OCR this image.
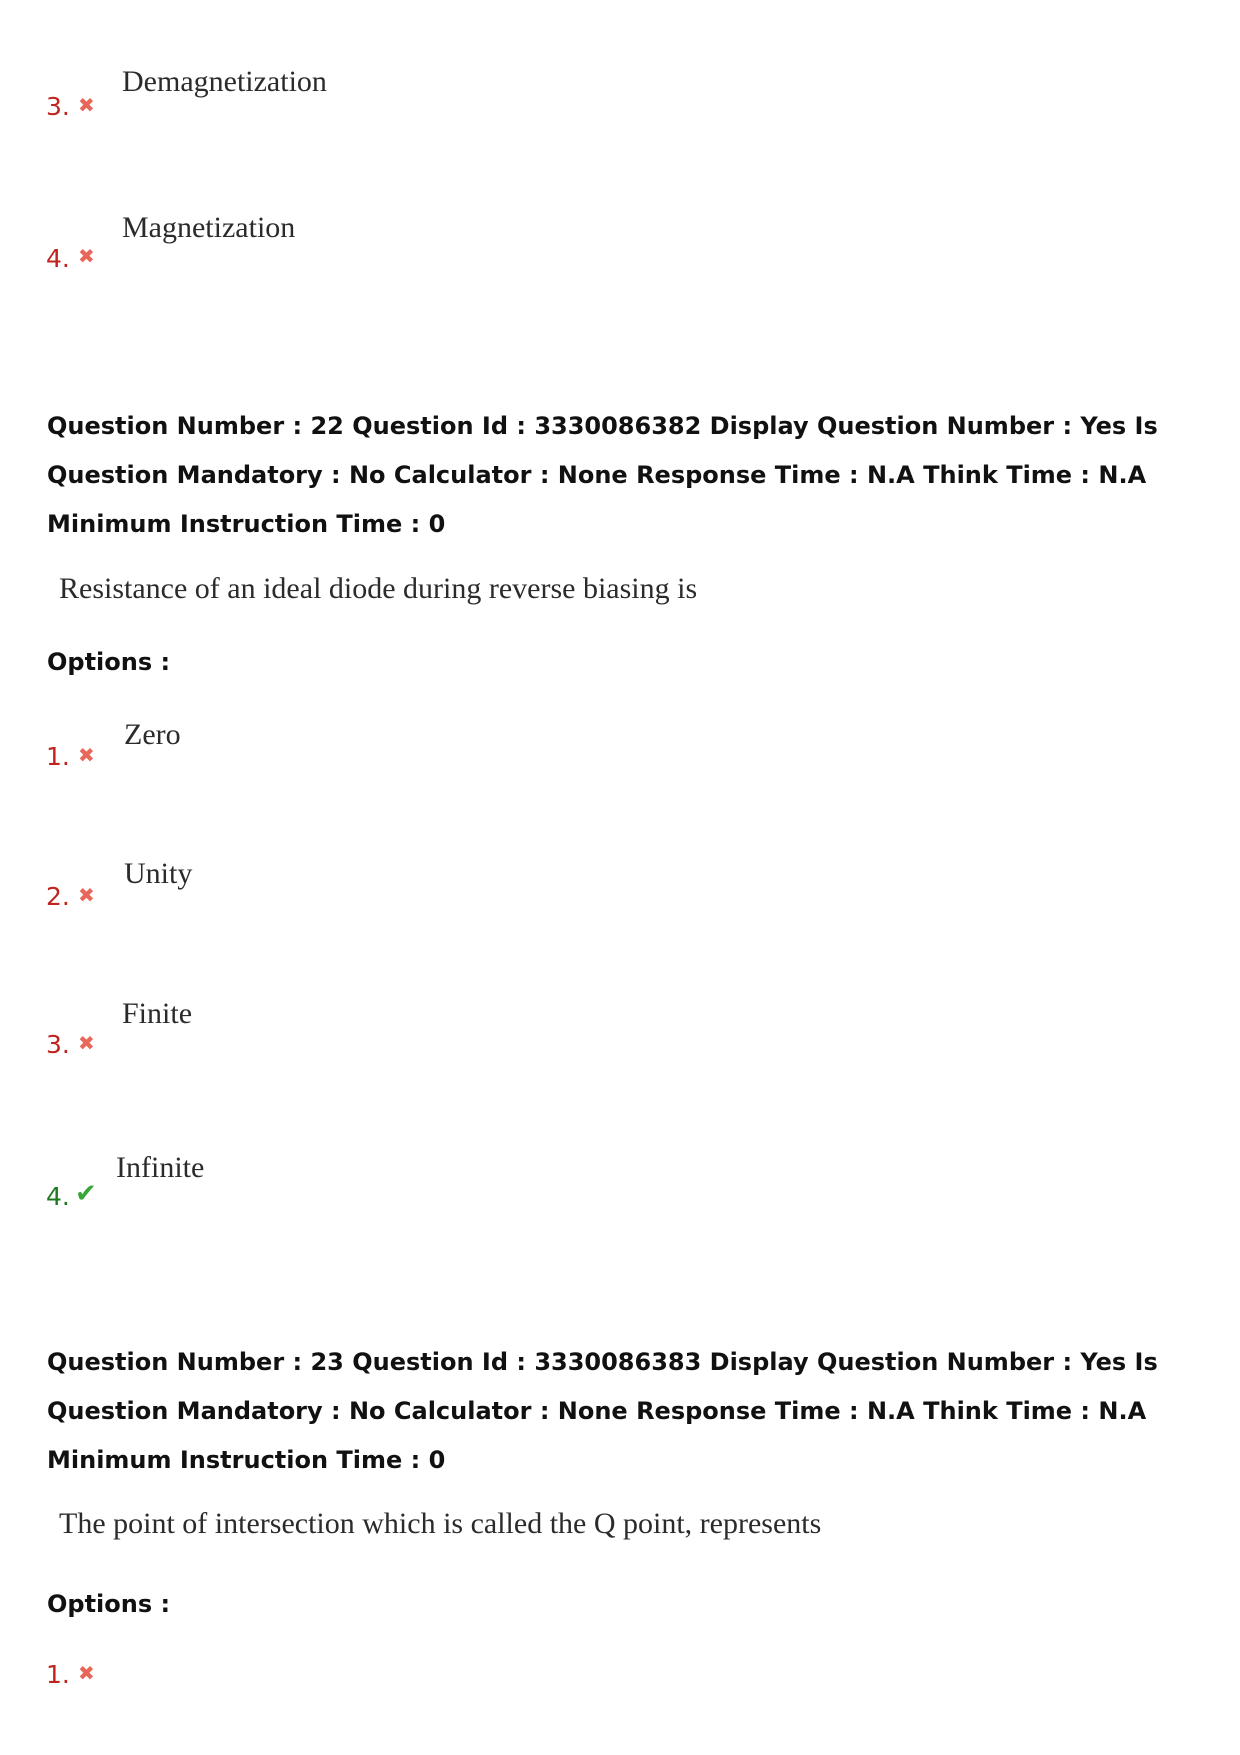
Demagnetization
3. ✖
Magnetization
4. ✖
Question Number : 22 Question Id : 3330086382 Display Question Number : Yes Is Question Mandatory : No Calculator : None Response Time : N.A Think Time : N.A Minimum Instruction Time : 0
Resistance of an ideal diode during reverse biasing is
Options :
Zero
1. ✖
Unity
2. ✖
Finite
3. ✖
Infinite
4. ✔
Question Number : 23 Question Id : 3330086383 Display Question Number : Yes Is Question Mandatory : No Calculator : None Response Time : N.A Think Time : N.A Minimum Instruction Time : 0
The point of intersection which is called the Q point, represents
Options :
1. ✖
